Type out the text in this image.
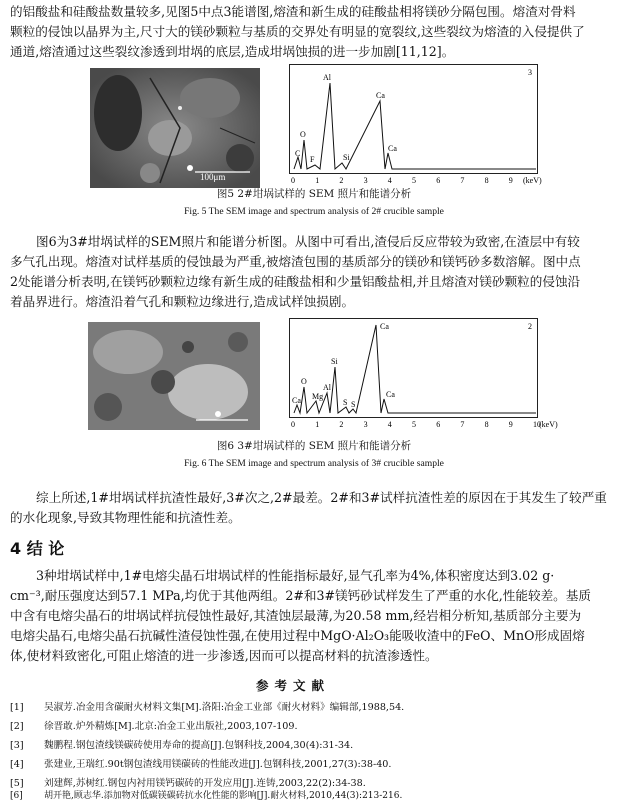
的铝酸盐和硅酸盐数量较多,见图5中点3能谱图,熔渣和新生成的硅酸盐相将镁砂分隔包围。熔渣对骨料
颗粒的侵蚀以晶界为主,尺寸大的镁砂颗粒与基质的交界处有明显的宽裂纹,这些裂纹为熔渣的入侵提供了
通道,熔渣通过这些裂纹渗透到坩埚的底层,造成坩埚蚀损的进一步加剧[11,12]。
100μm
C
O
F
Al
Si
Ca
Ca
3
0	1	2	3	4	5	6	7	8	9 (keV)
图5 2#坩埚试样的 SEM 照片和能谱分析
Fig. 5 The SEM image and spectrum analysis of 2# crucible sample
图6为3#坩埚试样的SEM照片和能谱分析图。从图中可看出,渣侵后反应带较为致密,在渣层中有较
多气孔出现。熔渣对试样基质的侵蚀最为严重,被熔渣包围的基质部分的镁砂和镁钙砂多数溶解。图中点
2处能谱分析表明,在镁钙砂颗粒边缘有新生成的硅酸盐相和少量铝酸盐相,并且熔渣对镁砂颗粒的侵蚀沿
着晶界进行。熔渣沿着气孔和颗粒边缘进行,造成试样蚀损剧。
Ca
O
Mg
Al
Si
S S
Ca
Ca
2
0	1	2	3	4	5	6	7	8	9	10
(keV)
图6 3#坩埚试样的 SEM 照片和能谱分析
Fig. 6 The SEM image and spectrum analysis of 3# crucible sample
综上所述,1#坩埚试样抗渣性最好,3#次之,2#最差。2#和3#试样抗渣性差的原因在于其发生了较严重
的水化现象,导致其物理性能和抗渣性差。
4 结 论
3种坩埚试样中,1#电熔尖晶石坩埚试样的性能指标最好,显气孔率为4%,体积密度达到3.02 g·
cm⁻³,耐压强度达到57.1 MPa,均优于其他两组。2#和3#镁钙砂试样发生了严重的水化,性能较差。基质
中含有电熔尖晶石的坩埚试样抗侵蚀性最好,其渣蚀层最薄,为20.58 mm,经岩相分析知,基质部分主要为
电熔尖晶石,电熔尖晶石抗碱性渣侵蚀性强,在使用过程中MgO·Al₂O₃能吸收渣中的FeO、MnO形成固熔
体,使材料致密化,可阻止熔渣的进一步渗透,因而可以提高材料的抗渣渗透性。
参考文献
[1] 吴淑芳.冶金用含碳耐火材料文集[M].洛阳:冶金工业部《耐火材料》编辑部,1988,54.
[2] 徐晋敢.炉外精炼[M].北京:冶金工业出版社,2003,107-109.
[3] 魏鹏程.钢包渣线镁碳砖使用寿命的提高[J].包钢科技,2004,30(4):31-34.
[4] 张建业,王瑞红.90t钢包渣线用镁碳砖的性能改进[J].包钢科技,2001,27(3):38-40.
[5] 刘建辉,苏树红.钢包内衬用镁钙碳砖的开发应用[J].连铸,2003,22(2):34-38.
[6] 胡开艳,顾志华.添加物对低碳镁碳砖抗水化性能的影响[J].耐火材料,2010,44(3):213-216.
